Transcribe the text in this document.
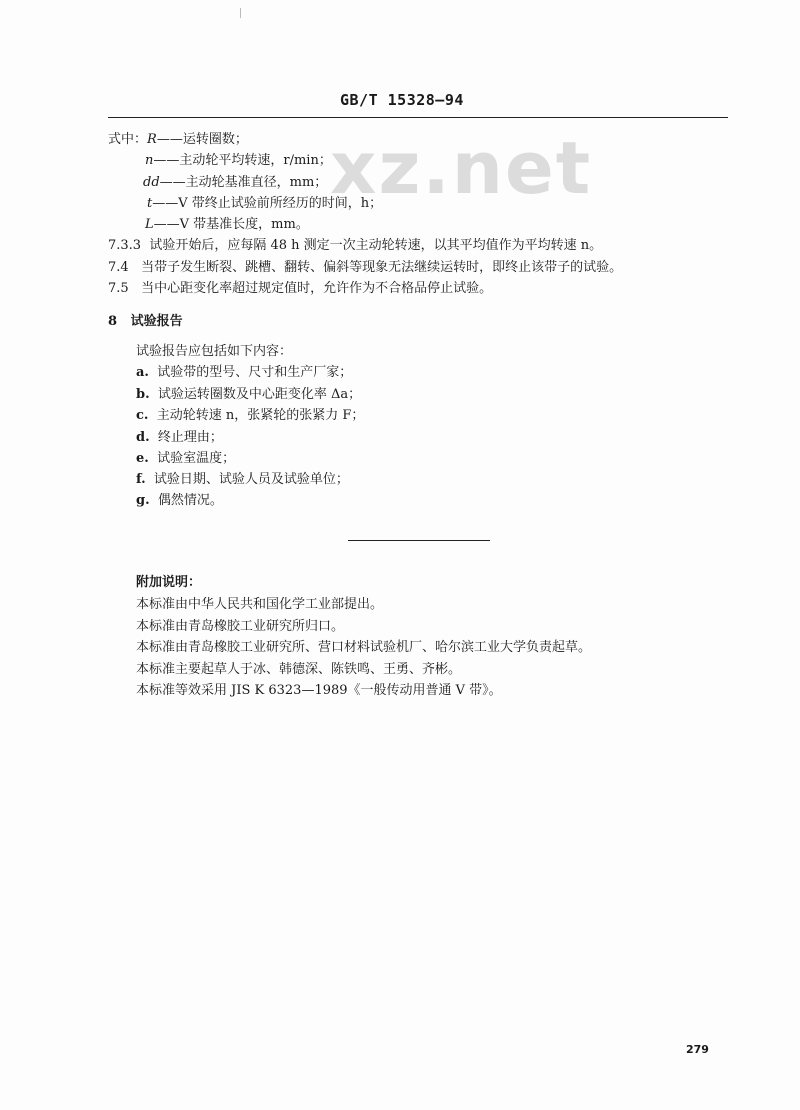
GB/T 15328—94
xz.net
式中：R——运转圈数；
n——主动轮平均转速，r/min；
dd——主动轮基准直径，mm；
t——V 带终止试验前所经历的时间，h；
L——V 带基准长度，mm。
7.3.3 试验开始后，应每隔 48 h 测定一次主动轮转速，以其平均值作为平均转速 n。
7.4 当带子发生断裂、跳槽、翻转、偏斜等现象无法继续运转时，即终止该带子的试验。
7.5 当中心距变化率超过规定值时，允许作为不合格品停止试验。
8 试验报告
试验报告应包括如下内容：
a. 试验带的型号、尺寸和生产厂家；
b. 试验运转圈数及中心距变化率 Δa；
c. 主动轮转速 n，张紧轮的张紧力 F；
d. 终止理由；
e. 试验室温度；
f. 试验日期、试验人员及试验单位；
g. 偶然情况。
附加说明：
本标准由中华人民共和国化学工业部提出。
本标准由青岛橡胶工业研究所归口。
本标准由青岛橡胶工业研究所、营口材料试验机厂、哈尔滨工业大学负责起草。
本标准主要起草人于冰、韩德深、陈铁鸣、王勇、齐彬。
本标准等效采用 JIS K 6323—1989《一般传动用普通 V 带》。
279
